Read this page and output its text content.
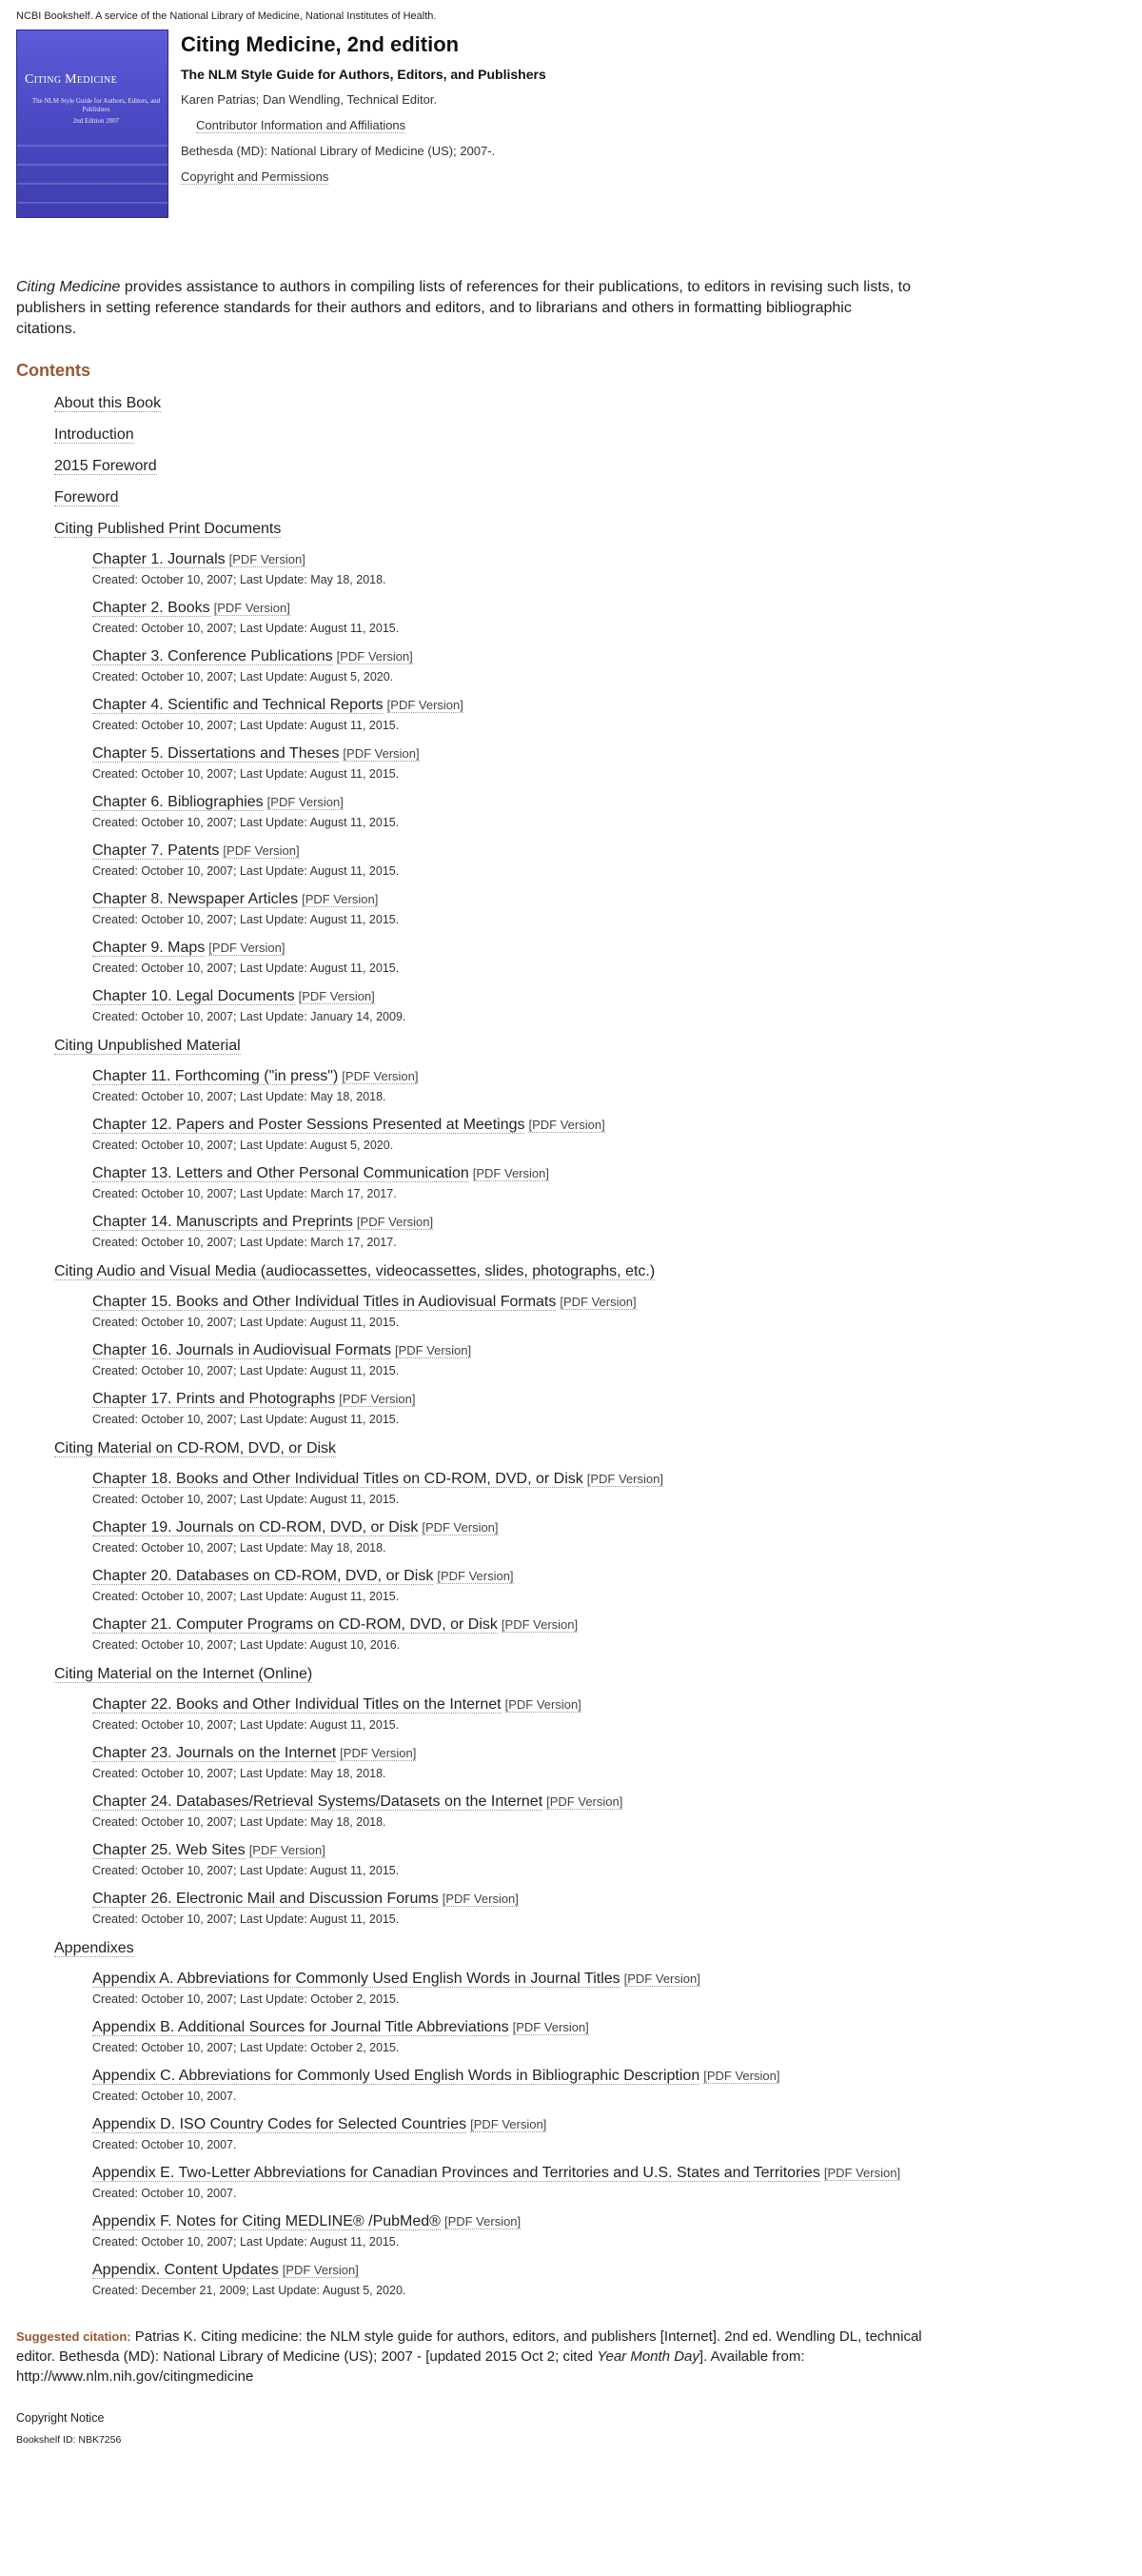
NCBI Bookshelf. A service of the National Library of Medicine, National Institutes of Health.
Citing Medicine
The NLM Style Guide for Authors, Editors, and Publishers
2nd Edition 2007
Citing Medicine, 2nd edition
The NLM Style Guide for Authors, Editors, and Publishers
Karen Patrias; Dan Wendling, Technical Editor.
Contributor Information and Affiliations
Bethesda (MD): National Library of Medicine (US); 2007-.
Copyright and Permissions
Citing Medicine provides assistance to authors in compiling lists of references for their publications, to editors in revising such lists, to publishers in setting reference standards for their authors and editors, and to librarians and others in formatting bibliographic citations.
Contents
About this Book
Introduction
2015 Foreword
Foreword
Citing Published Print Documents
Chapter 1. Journals [PDF Version]
Created: October 10, 2007; Last Update: May 18, 2018.
Chapter 2. Books [PDF Version]
Created: October 10, 2007; Last Update: August 11, 2015.
Chapter 3. Conference Publications [PDF Version]
Created: October 10, 2007; Last Update: August 5, 2020.
Chapter 4. Scientific and Technical Reports [PDF Version]
Created: October 10, 2007; Last Update: August 11, 2015.
Chapter 5. Dissertations and Theses [PDF Version]
Created: October 10, 2007; Last Update: August 11, 2015.
Chapter 6. Bibliographies [PDF Version]
Created: October 10, 2007; Last Update: August 11, 2015.
Chapter 7. Patents [PDF Version]
Created: October 10, 2007; Last Update: August 11, 2015.
Chapter 8. Newspaper Articles [PDF Version]
Created: October 10, 2007; Last Update: August 11, 2015.
Chapter 9. Maps [PDF Version]
Created: October 10, 2007; Last Update: August 11, 2015.
Chapter 10. Legal Documents [PDF Version]
Created: October 10, 2007; Last Update: January 14, 2009.
Citing Unpublished Material
Chapter 11. Forthcoming ("in press") [PDF Version]
Created: October 10, 2007; Last Update: May 18, 2018.
Chapter 12. Papers and Poster Sessions Presented at Meetings [PDF Version]
Created: October 10, 2007; Last Update: August 5, 2020.
Chapter 13. Letters and Other Personal Communication [PDF Version]
Created: October 10, 2007; Last Update: March 17, 2017.
Chapter 14. Manuscripts and Preprints [PDF Version]
Created: October 10, 2007; Last Update: March 17, 2017.
Citing Audio and Visual Media (audiocassettes, videocassettes, slides, photographs, etc.)
Chapter 15. Books and Other Individual Titles in Audiovisual Formats [PDF Version]
Created: October 10, 2007; Last Update: August 11, 2015.
Chapter 16. Journals in Audiovisual Formats [PDF Version]
Created: October 10, 2007; Last Update: August 11, 2015.
Chapter 17. Prints and Photographs [PDF Version]
Created: October 10, 2007; Last Update: August 11, 2015.
Citing Material on CD-ROM, DVD, or Disk
Chapter 18. Books and Other Individual Titles on CD-ROM, DVD, or Disk [PDF Version]
Created: October 10, 2007; Last Update: August 11, 2015.
Chapter 19. Journals on CD-ROM, DVD, or Disk [PDF Version]
Created: October 10, 2007; Last Update: May 18, 2018.
Chapter 20. Databases on CD-ROM, DVD, or Disk [PDF Version]
Created: October 10, 2007; Last Update: August 11, 2015.
Chapter 21. Computer Programs on CD-ROM, DVD, or Disk [PDF Version]
Created: October 10, 2007; Last Update: August 10, 2016.
Citing Material on the Internet (Online)
Chapter 22. Books and Other Individual Titles on the Internet [PDF Version]
Created: October 10, 2007; Last Update: August 11, 2015.
Chapter 23. Journals on the Internet [PDF Version]
Created: October 10, 2007; Last Update: May 18, 2018.
Chapter 24. Databases/Retrieval Systems/Datasets on the Internet [PDF Version]
Created: October 10, 2007; Last Update: May 18, 2018.
Chapter 25. Web Sites [PDF Version]
Created: October 10, 2007; Last Update: August 11, 2015.
Chapter 26. Electronic Mail and Discussion Forums [PDF Version]
Created: October 10, 2007; Last Update: August 11, 2015.
Appendixes
Appendix A. Abbreviations for Commonly Used English Words in Journal Titles [PDF Version]
Created: October 10, 2007; Last Update: October 2, 2015.
Appendix B. Additional Sources for Journal Title Abbreviations [PDF Version]
Created: October 10, 2007; Last Update: October 2, 2015.
Appendix C. Abbreviations for Commonly Used English Words in Bibliographic Description [PDF Version]
Created: October 10, 2007.
Appendix D. ISO Country Codes for Selected Countries [PDF Version]
Created: October 10, 2007.
Appendix E. Two-Letter Abbreviations for Canadian Provinces and Territories and U.S. States and Territories [PDF Version]
Created: October 10, 2007.
Appendix F. Notes for Citing MEDLINE® /PubMed® [PDF Version]
Created: October 10, 2007; Last Update: August 11, 2015.
Appendix. Content Updates [PDF Version]
Created: December 21, 2009; Last Update: August 5, 2020.
Suggested citation: Patrias K. Citing medicine: the NLM style guide for authors, editors, and publishers [Internet]. 2nd ed. Wendling DL, technical editor. Bethesda (MD): National Library of Medicine (US); 2007 - [updated 2015 Oct 2; cited Year Month Day]. Available from: http://www.nlm.nih.gov/citingmedicine
Copyright Notice
Bookshelf ID: NBK7256
